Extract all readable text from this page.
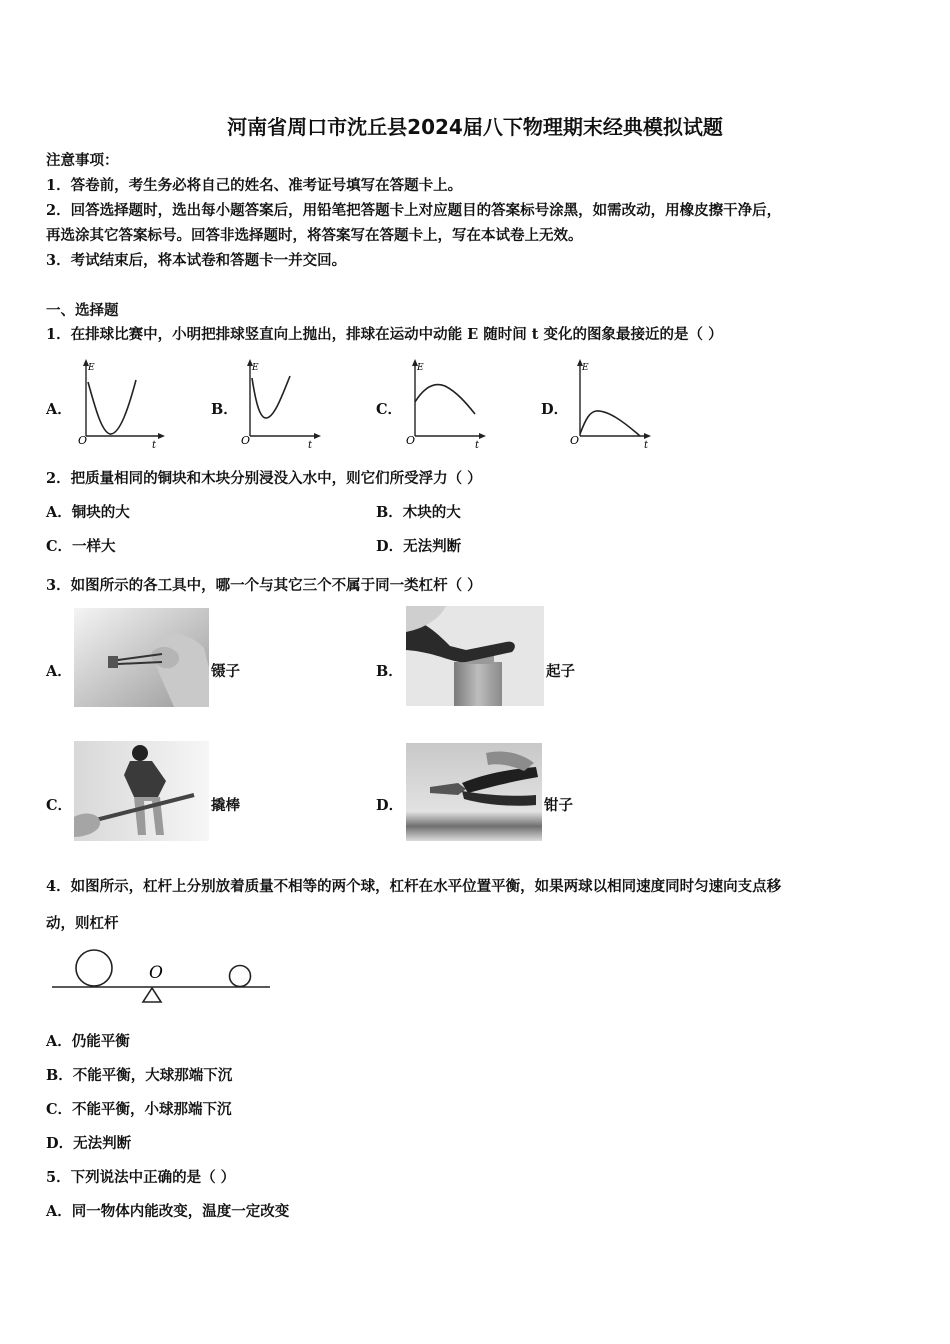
河南省周口市沈丘县2024届八下物理期末经典模拟试题
注意事项：
1．答卷前，考生务必将自己的姓名、准考证号填写在答题卡上。
2．回答选择题时，选出每小题答案后，用铅笔把答题卡上对应题目的答案标号涂黑，如需改动，用橡皮擦干净后，
再选涂其它答案标号。回答非选择题时，将答案写在答题卡上，写在本试卷上无效。
3．考试结束后，将本试卷和答题卡一并交回。
一、选择题
1．在排球比赛中，小明把排球竖直向上抛出，排球在运动中动能 E 随时间 t 变化的图象最接近的是（ ）
A．	B．	C．	D．
E
O	t
E
O	t
E
O	t
E
O	t
2．把质量相同的铜块和木块分别浸没入水中，则它们所受浮力（ ）
A．铜块的大	B．木块的大
C．一样大	D．无法判断
3．如图所示的各工具中，哪一个与其它三个不属于同一类杠杆（ ）
A．	镊子	B．	起子
C．	撬棒	D．	钳子
4．如图所示，杠杆上分别放着质量不相等的两个球，杠杆在水平位置平衡，如果两球以相同速度同时匀速向支点移
动，则杠杆
O
A．仍能平衡
B．不能平衡，大球那端下沉
C．不能平衡，小球那端下沉
D．无法判断
5．下列说法中正确的是（ ）
A．同一物体内能改变，温度一定改变
